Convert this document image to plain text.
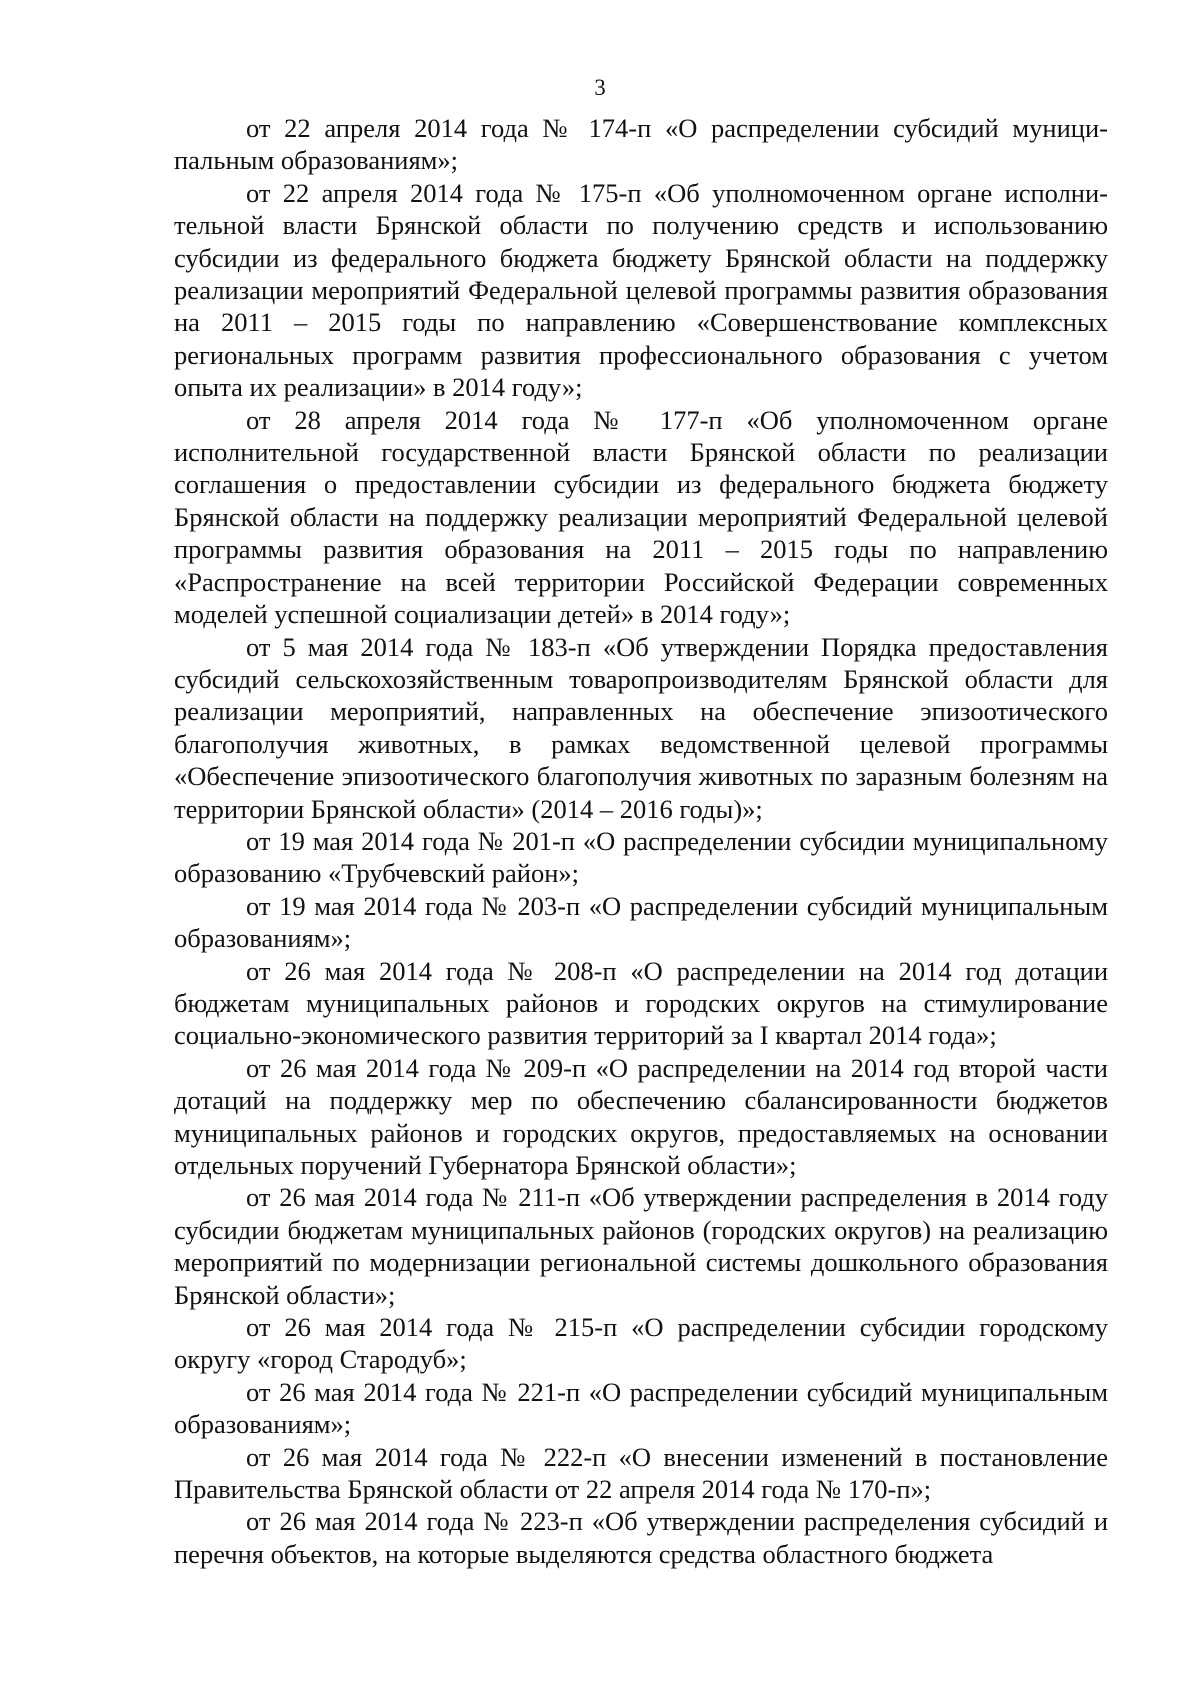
3

от 22 апреля 2014 года № 174-п «О распределении субсидий муниципальным образованиям»;

от 22 апреля 2014 года № 175-п «Об уполномоченном органе исполнительной власти Брянской области по получению средств и использованию субсидии из федерального бюджета бюджету Брянской области на поддержку реализации мероприятий Федеральной целевой программы развития образования на 2011 – 2015 годы по направлению «Совершенствование комплексных региональных программ развития профессионального образования с учетом опыта их реализации» в 2014 году»;

от 28 апреля 2014 года № 177-п «Об уполномоченном органе исполнительной государственной власти Брянской области по реализации соглашения о предоставлении субсидии из федерального бюджета бюджету Брянской области на поддержку реализации мероприятий Федеральной целевой программы развития образования на 2011 – 2015 годы по направлению «Распространение на всей территории Российской Федерации современных моделей успешной социализации детей» в 2014 году»;

от 5 мая 2014 года № 183-п «Об утверждении Порядка предоставления субсидий сельскохозяйственным товаропроизводителям Брянской области для реализации мероприятий, направленных на обеспечение эпизоотического благополучия животных, в рамках ведомственной целевой программы «Обеспечение эпизоотического благополучия животных по заразным болезням на территории Брянской области» (2014 – 2016 годы)»;

от 19 мая 2014 года № 201-п «О распределении субсидии муниципальному образованию «Трубчевский район»;

от 19 мая 2014 года № 203-п «О распределении субсидий муниципальным образованиям»;

от 26 мая 2014 года № 208-п «О распределении на 2014 год дотации бюджетам муниципальных районов и городских округов на стимулирование социально-экономического развития территорий за I квартал 2014 года»;

от 26 мая 2014 года № 209-п «О распределении на 2014 год второй части дотаций на поддержку мер по обеспечению сбалансированности бюджетов муниципальных районов и городских округов, предоставляемых на основании отдельных поручений Губернатора Брянской области»;

от 26 мая 2014 года № 211-п «Об утверждении распределения в 2014 году субсидии бюджетам муниципальных районов (городских округов) на реализацию мероприятий по модернизации региональной системы дошкольного образования Брянской области»;

от 26 мая 2014 года № 215-п «О распределении субсидии городскому округу «город Стародуб»;

от 26 мая 2014 года № 221-п «О распределении субсидий муниципальным образованиям»;

от 26 мая 2014 года № 222-п «О внесении изменений в постановление Правительства Брянской области от 22 апреля 2014 года № 170-п»;

от 26 мая 2014 года № 223-п «Об утверждении распределения субсидий и перечня объектов, на которые выделяются средства областного бюджета
